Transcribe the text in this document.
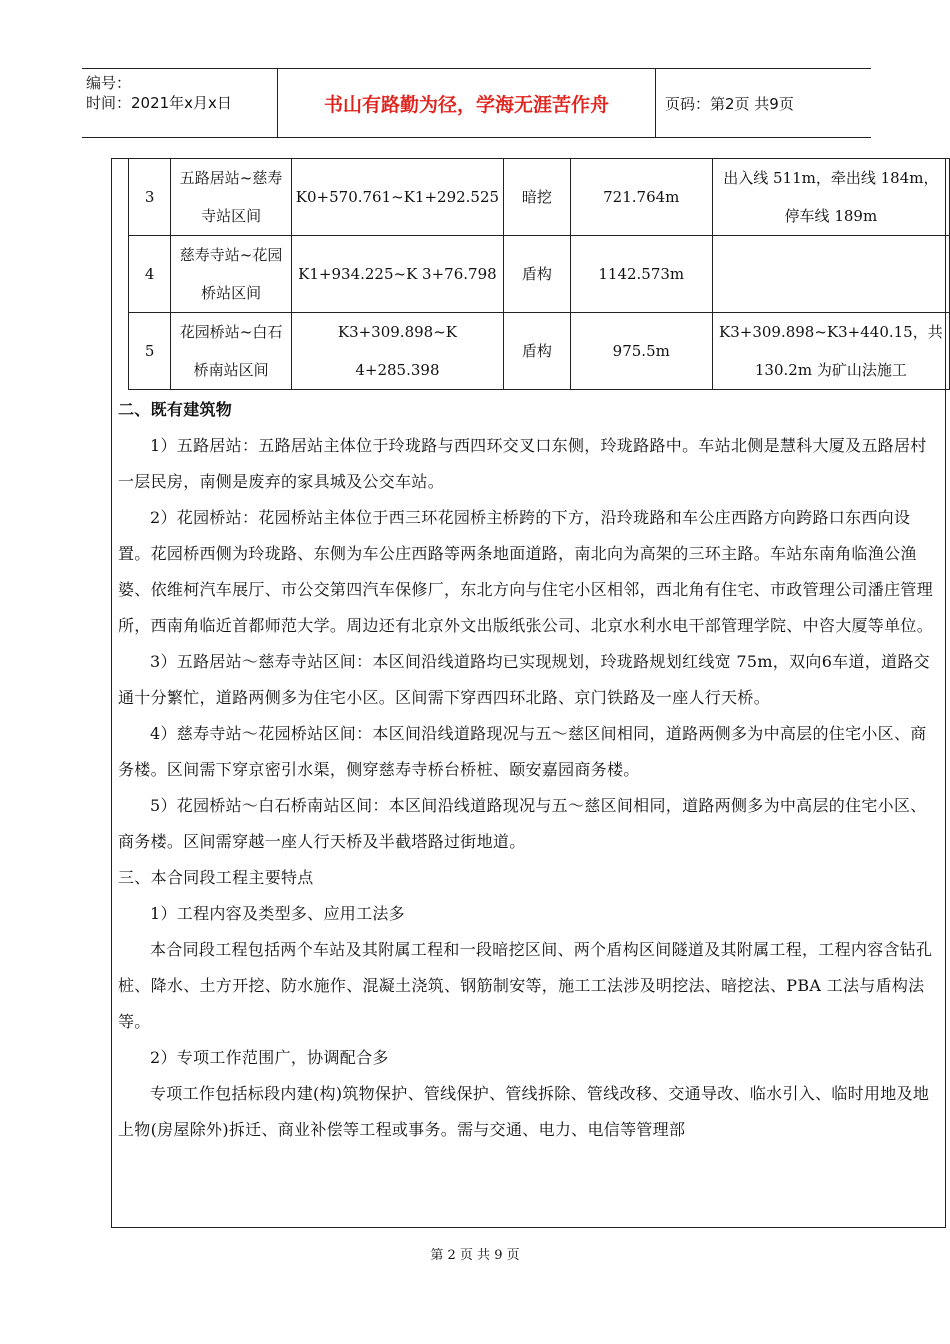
编号：
时间：2021年x月x日	书山有路勤为径，学海无涯苦作舟	页码：第2页 共9页
3	五路居站~慈寿寺站区间	K0+570.761~K1+292.525	暗挖	721.764m	出入线 511m，牵出线 184m，停车线 189m
4	慈寿寺站~花园桥站区间	K1+934.225~K 3+76.798	盾构	1142.573m	
5	花园桥站~白石桥南站区间	K3+309.898~K 4+285.398	盾构	975.5m	K3+309.898~K3+440.15，共 130.2m 为矿山法施工

二、既有建筑物

1）五路居站：五路居站主体位于玲珑路与西四环交叉口东侧，玲珑路路中。车站北侧是慧科大厦及五路居村一层民房，南侧是废弃的家具城及公交车站。

2）花园桥站：花园桥站主体位于西三环花园桥主桥跨的下方，沿玲珑路和车公庄西路方向跨路口东西向设置。花园桥西侧为玲珑路、东侧为车公庄西路等两条地面道路，南北向为高架的三环主路。车站东南角临渔公渔婆、依维柯汽车展厅、市公交第四汽车保修厂，东北方向与住宅小区相邻，西北角有住宅、市政管理公司潘庄管理所，西南角临近首都师范大学。周边还有北京外文出版纸张公司、北京水利水电干部管理学院、中咨大厦等单位。

3）五路居站～慈寿寺站区间：本区间沿线道路均已实现规划，玲珑路规划红线宽 75m，双向6车道，道路交通十分繁忙，道路两侧多为住宅小区。区间需下穿西四环北路、京门铁路及一座人行天桥。

4）慈寿寺站～花园桥站区间：本区间沿线道路现况与五～慈区间相同，道路两侧多为中高层的住宅小区、商务楼。区间需下穿京密引水渠，侧穿慈寿寺桥台桥桩、颐安嘉园商务楼。

5）花园桥站～白石桥南站区间：本区间沿线道路现况与五～慈区间相同，道路两侧多为中高层的住宅小区、商务楼。区间需穿越一座人行天桥及半截塔路过街地道。

三、本合同段工程主要特点

1）工程内容及类型多、应用工法多

本合同段工程包括两个车站及其附属工程和一段暗挖区间、两个盾构区间隧道及其附属工程，工程内容含钻孔桩、降水、土方开挖、防水施作、混凝土浇筑、钢筋制安等，施工工法涉及明挖法、暗挖法、PBA 工法与盾构法等。

2）专项工作范围广，协调配合多

专项工作包括标段内建(构)筑物保护、管线保护、管线拆除、管线改移、交通导改、临水引入、临时用地及地上物(房屋除外)拆迁、商业补偿等工程或事务。需与交通、电力、电信等管理部

第 2 页 共 9 页
